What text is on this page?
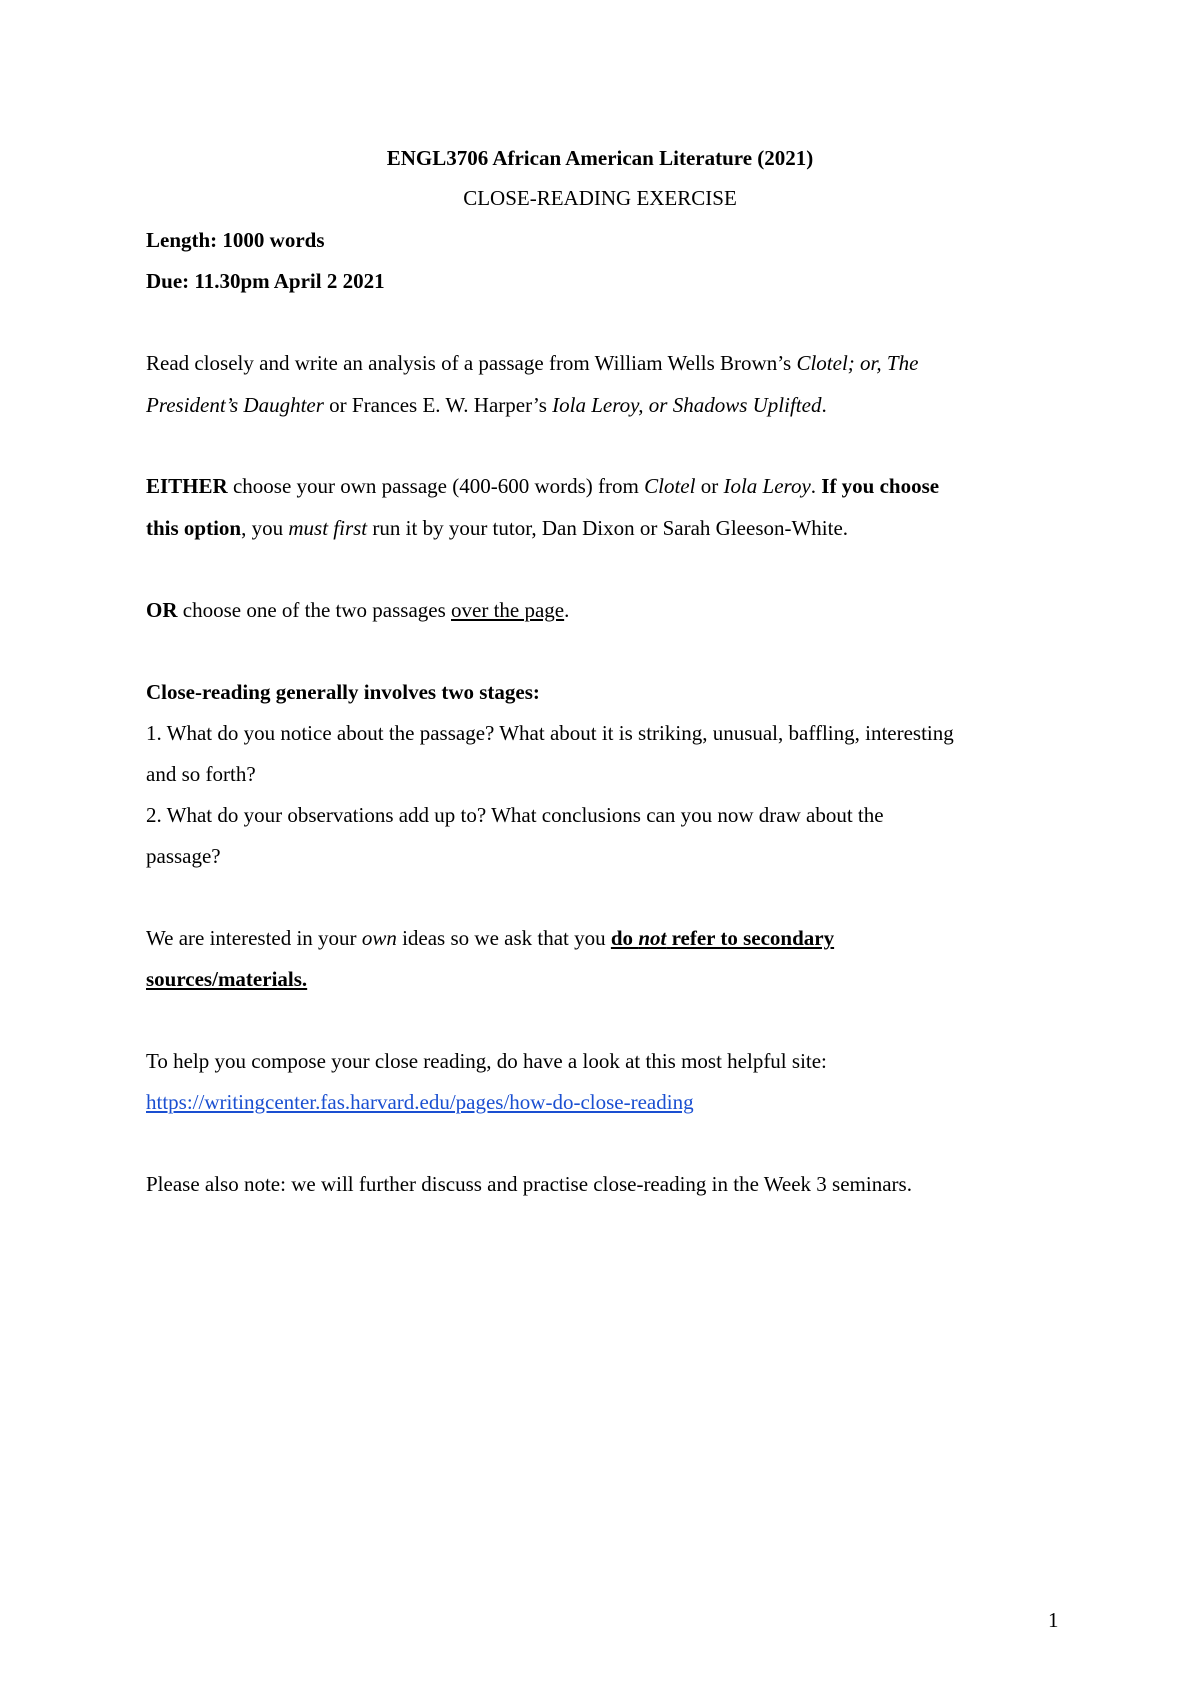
ENGL3706 African American Literature (2021)
CLOSE-READING EXERCISE
Length: 1000 words
Due: 11.30pm April 2 2021
Read closely and write an analysis of a passage from William Wells Brown’s Clotel; or, The
President’s Daughter or Frances E. W. Harper’s Iola Leroy, or Shadows Uplifted.
EITHER choose your own passage (400-600 words) from Clotel or Iola Leroy. If you choose
this option, you must first run it by your tutor, Dan Dixon or Sarah Gleeson-White.
OR choose one of the two passages over the page.
Close-reading generally involves two stages:
1. What do you notice about the passage? What about it is striking, unusual, baffling, interesting
and so forth?
2. What do your observations add up to? What conclusions can you now draw about the
passage?
We are interested in your own ideas so we ask that you do not refer to secondary
sources/materials.
To help you compose your close reading, do have a look at this most helpful site:
https://writingcenter.fas.harvard.edu/pages/how-do-close-reading
Please also note: we will further discuss and practise close-reading in the Week 3 seminars.
1
